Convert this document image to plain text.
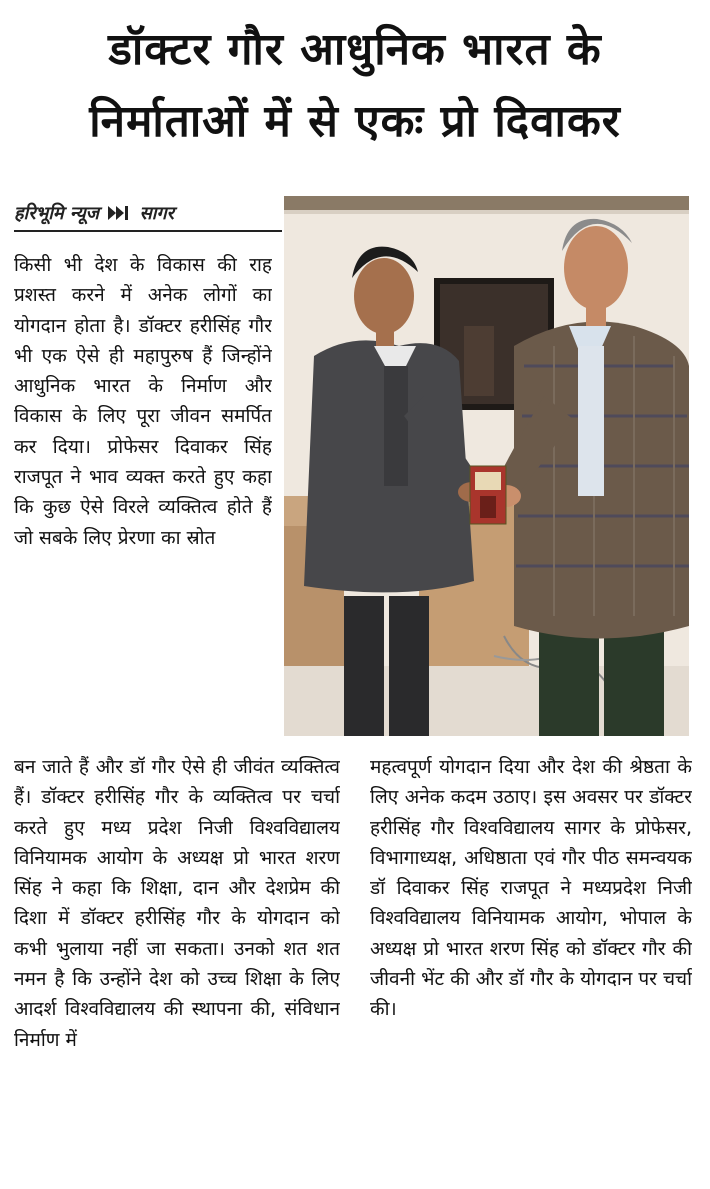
डॉक्टर गौर आधुनिक भारत के
निर्माताओं में से एकः प्रो दिवाकर
हरिभूमि न्यूज सागर

किसी भी देश के विकास की राह प्रशस्त करने में अनेक लोगों का योगदान होता है। डॉक्टर हरीसिंह गौर भी एक ऐसे ही महापुरुष हैं जिन्होंने आधुनिक भारत के निर्माण और विकास के लिए पूरा जीवन समर्पित कर दिया। प्रोफेसर दिवाकर सिंह राजपूत ने भाव व्यक्त करते हुए कहा कि कुछ ऐसे विरले व्यक्तित्व होते हैं जो सबके लिए प्रेरणा का स्रोत

बन जाते हैं और डॉ गौर ऐसे ही जीवंत व्यक्तित्व हैं। डॉक्टर हरीसिंह गौर के व्यक्तित्व पर चर्चा करते हुए मध्य प्रदेश निजी विश्वविद्यालय विनियामक आयोग के अध्यक्ष प्रो भारत शरण सिंह ने कहा कि शिक्षा, दान और देशप्रेम की दिशा में डॉक्टर हरीसिंह गौर के योगदान को कभी भुलाया नहीं जा सकता। उनको शत शत नमन है कि उन्होंने देश को उच्च शिक्षा के लिए आदर्श विश्वविद्यालय की स्थापना की, संविधान निर्माण में

महत्वपूर्ण योगदान दिया और देश की श्रेष्ठता के लिए अनेक कदम उठाए। इस अवसर पर डॉक्टर हरीसिंह गौर विश्वविद्यालय सागर के प्रोफेसर, विभागाध्यक्ष, अधिष्ठाता एवं गौर पीठ समन्वयक डॉ दिवाकर सिंह राजपूत ने मध्यप्रदेश निजी विश्वविद्यालय विनियामक आयोग, भोपाल के अध्यक्ष प्रो भारत शरण सिंह को डॉक्टर गौर की जीवनी भेंट की और डॉ गौर के योगदान पर चर्चा की।
